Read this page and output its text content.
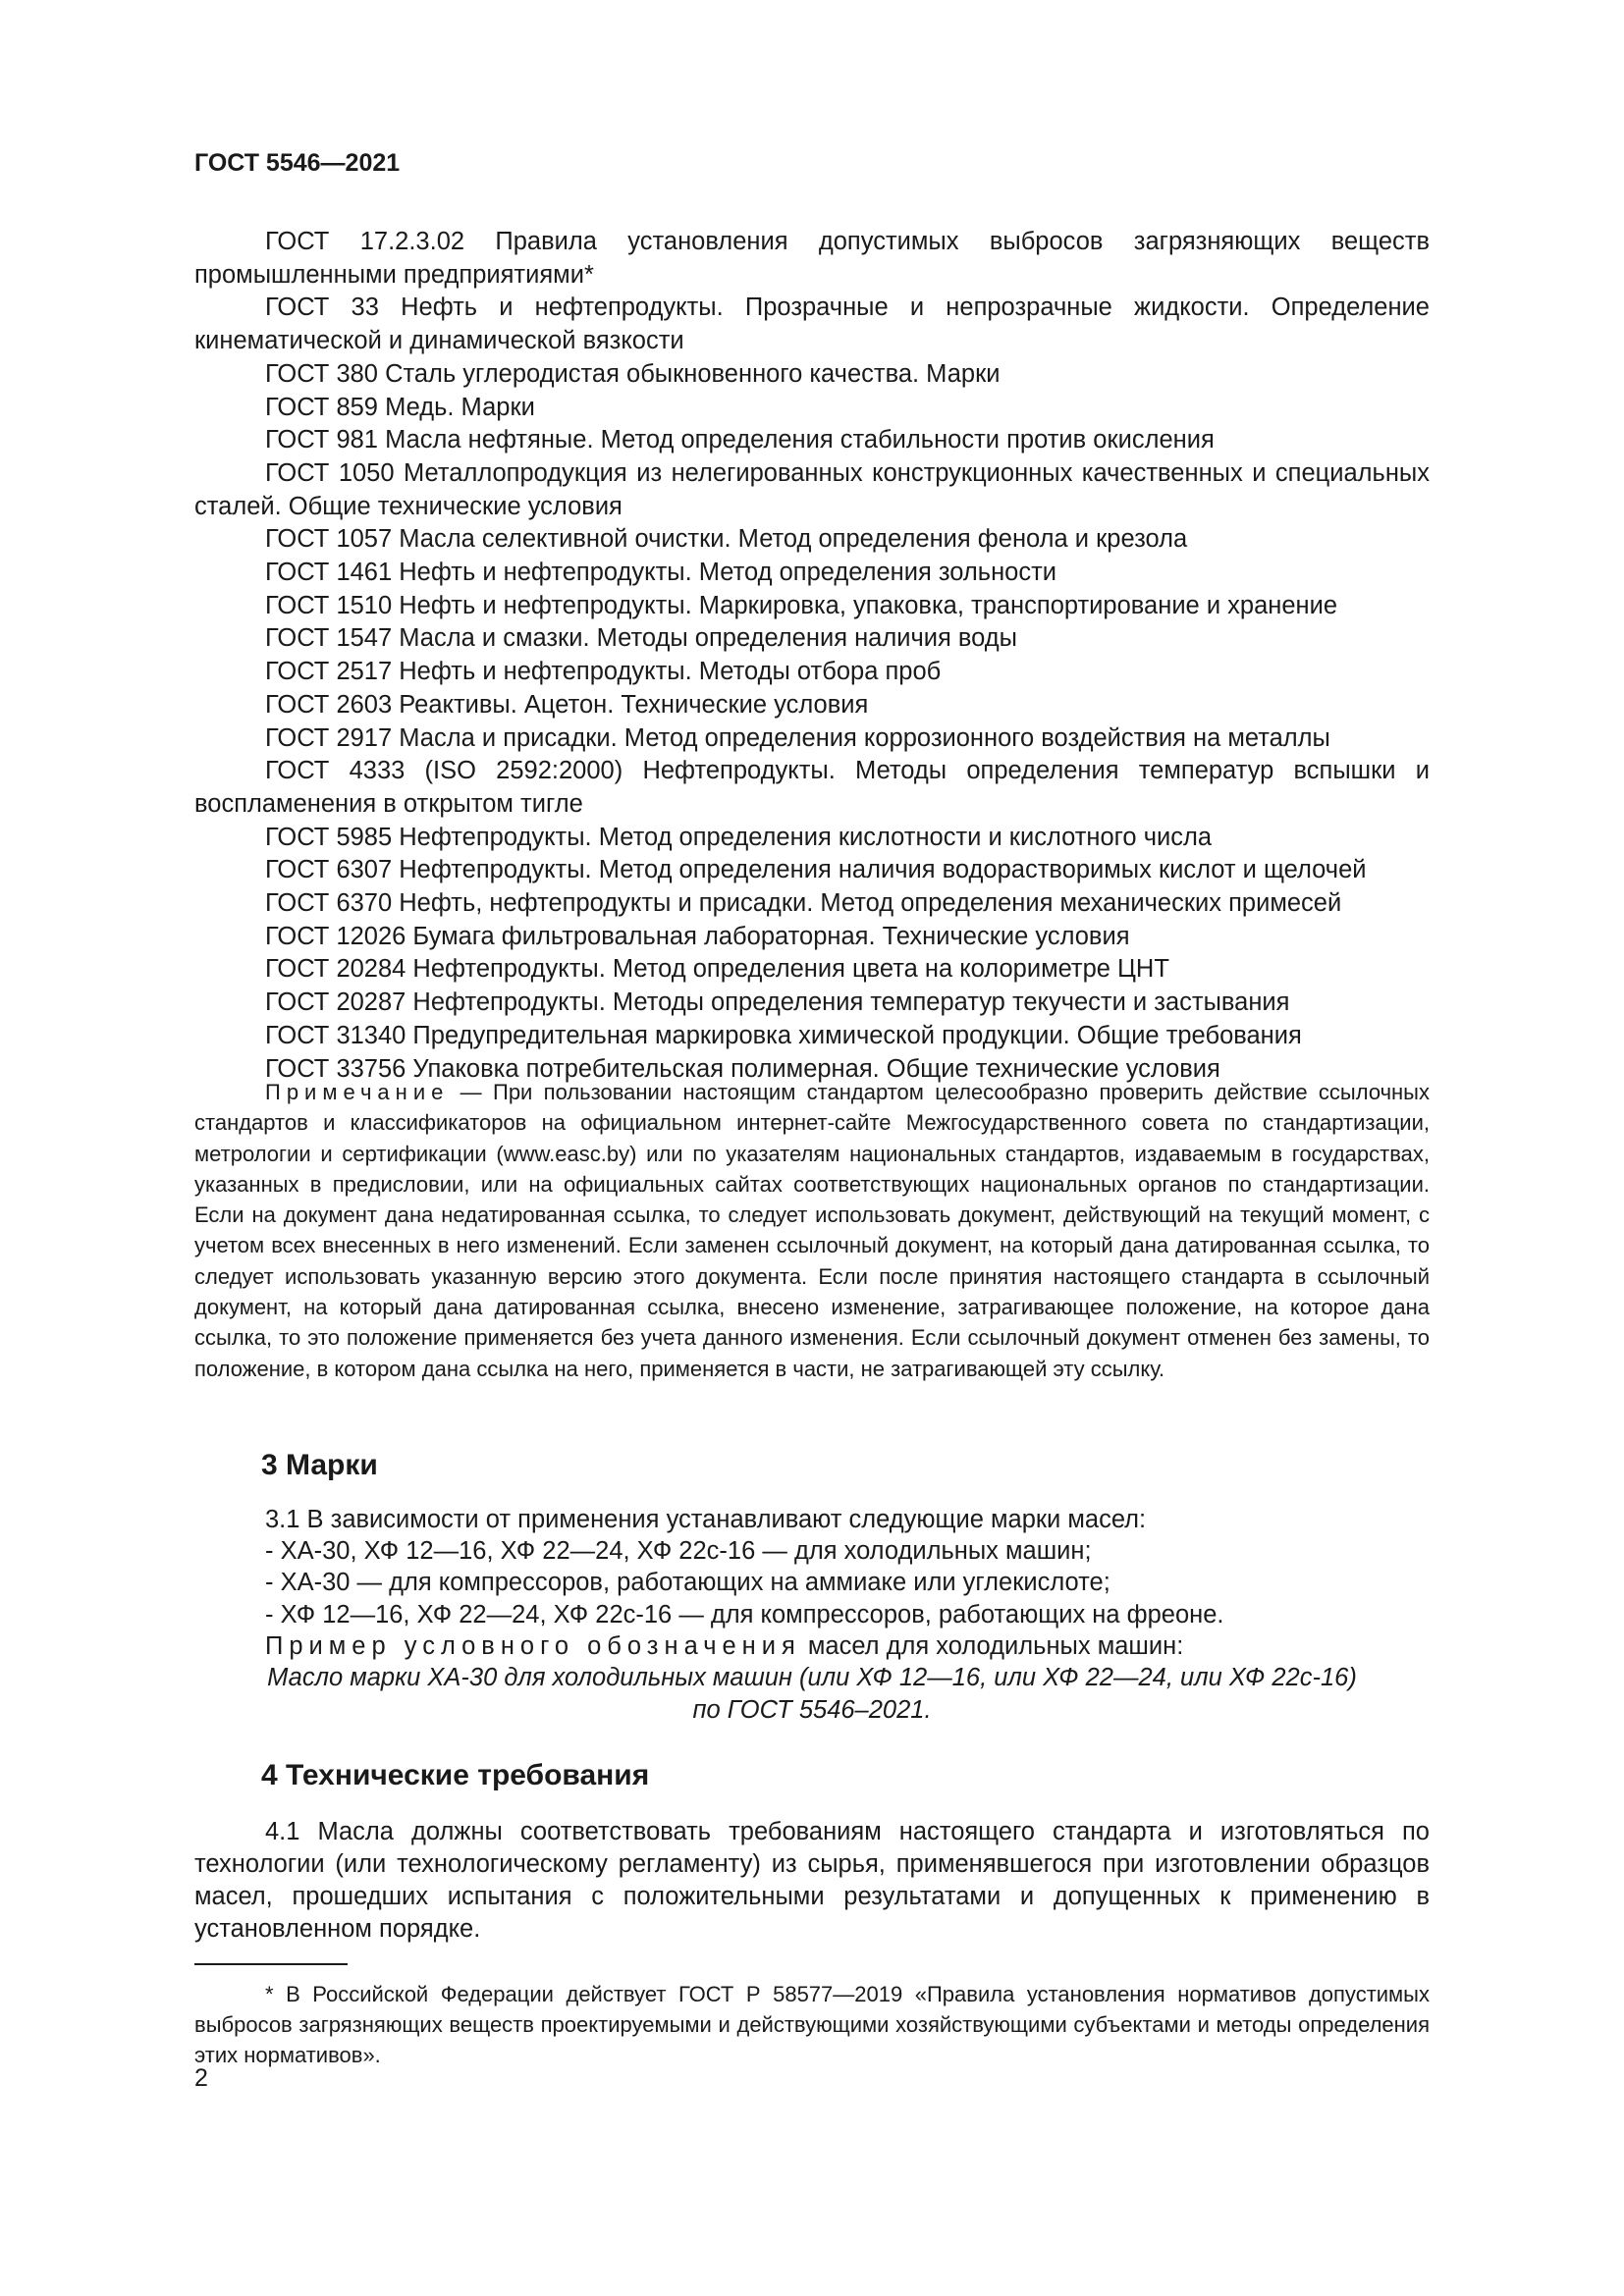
ГОСТ 5546—2021

ГОСТ 17.2.3.02 Правила установления допустимых выбросов загрязняющих веществ промышленными предприятиями*

ГОСТ 33 Нефть и нефтепродукты. Прозрачные и непрозрачные жидкости. Определение кинематической и динамической вязкости

ГОСТ 380 Сталь углеродистая обыкновенного качества. Марки

ГОСТ 859 Медь. Марки

ГОСТ 981 Масла нефтяные. Метод определения стабильности против окисления

ГОСТ 1050 Металлопродукция из нелегированных конструкционных качественных и специальных сталей. Общие технические условия

ГОСТ 1057 Масла селективной очистки. Метод определения фенола и крезола

ГОСТ 1461 Нефть и нефтепродукты. Метод определения зольности

ГОСТ 1510 Нефть и нефтепродукты. Маркировка, упаковка, транспортирование и хранение

ГОСТ 1547 Масла и смазки. Методы определения наличия воды

ГОСТ 2517 Нефть и нефтепродукты. Методы отбора проб

ГОСТ 2603 Реактивы. Ацетон. Технические условия

ГОСТ 2917 Масла и присадки. Метод определения коррозионного воздействия на металлы

ГОСТ 4333 (ISO 2592:2000) Нефтепродукты. Методы определения температур вспышки и воспламенения в открытом тигле

ГОСТ 5985 Нефтепродукты. Метод определения кислотности и кислотного числа

ГОСТ 6307 Нефтепродукты. Метод определения наличия водорастворимых кислот и щелочей

ГОСТ 6370 Нефть, нефтепродукты и присадки. Метод определения механических примесей

ГОСТ 12026 Бумага фильтровальная лабораторная. Технические условия

ГОСТ 20284 Нефтепродукты. Метод определения цвета на колориметре ЦНТ

ГОСТ 20287 Нефтепродукты. Методы определения температур текучести и застывания

ГОСТ 31340 Предупредительная маркировка химической продукции. Общие требования

ГОСТ 33756 Упаковка потребительская полимерная. Общие технические условия

Примечание — При пользовании настоящим стандартом целесообразно проверить действие ссылочных стандартов и классификаторов на официальном интернет-сайте Межгосударственного совета по стандартизации, метрологии и сертификации (www.easc.by) или по указателям национальных стандартов, издаваемым в государствах, указанных в предисловии, или на официальных сайтах соответствующих национальных органов по стандартизации. Если на документ дана недатированная ссылка, то следует использовать документ, действующий на текущий момент, с учетом всех внесенных в него изменений. Если заменен ссылочный документ, на который дана датированная ссылка, то следует использовать указанную версию этого документа. Если после принятия настоящего стандарта в ссылочный документ, на который дана датированная ссылка, внесено изменение, затрагивающее положение, на которое дана ссылка, то это положение применяется без учета данного изменения. Если ссылочный документ отменен без замены, то положение, в котором дана ссылка на него, применяется в части, не затрагивающей эту ссылку.

3 Марки

3.1 В зависимости от применения устанавливают следующие марки масел:

- ХА-30, ХФ 12—16, ХФ 22—24, ХФ 22с-16 — для холодильных машин;

- ХА-30 — для компрессоров, работающих на аммиаке или углекислоте;

- ХФ 12—16, ХФ 22—24, ХФ 22с-16 — для компрессоров, работающих на фреоне.

Пример условного обозначения масел для холодильных машин:

Масло марки ХА-30 для холодильных машин (или ХФ 12—16, или ХФ 22—24, или ХФ 22с-16)
по ГОСТ 5546–2021.

4 Технические требования

4.1 Масла должны соответствовать требованиям настоящего стандарта и изготовляться по технологии (или технологическому регламенту) из сырья, применявшегося при изготовлении образцов масел, прошедших испытания с положительными результатами и допущенных к применению в установленном порядке.

* В Российской Федерации действует ГОСТ Р 58577—2019 «Правила установления нормативов допустимых выбросов загрязняющих веществ проектируемыми и действующими хозяйствующими субъектами и методы определения этих нормативов».

2
